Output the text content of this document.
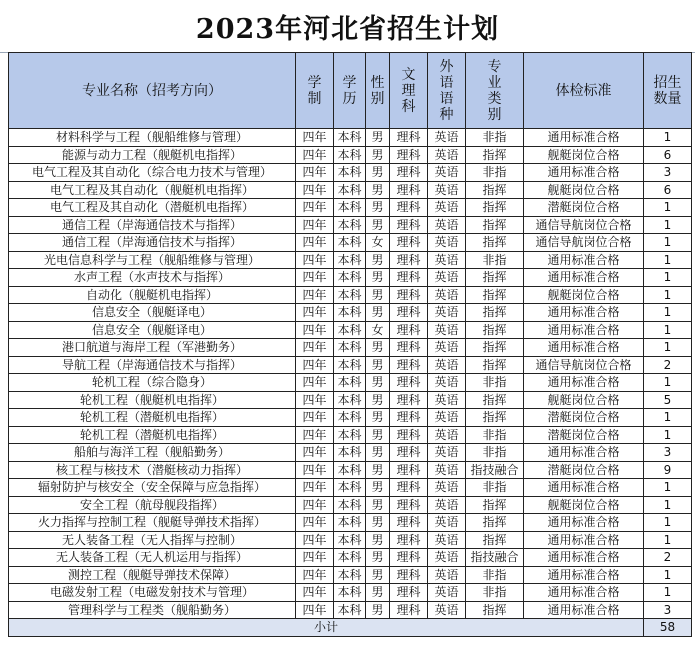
2023年河北省招生计划
专业名称（招考方向）	学制	学历	性别	文理科	外语语种	专业类别	体检标准	招生数量
材料科学与工程（舰船维修与管理）	四年	本科	男	理科	英语	非指	通用标准合格	1
能源与动力工程（舰艇机电指挥）	四年	本科	男	理科	英语	指挥	舰艇岗位合格	6
电气工程及其自动化（综合电力技术与管理）	四年	本科	男	理科	英语	非指	通用标准合格	3
电气工程及其自动化（舰艇机电指挥）	四年	本科	男	理科	英语	指挥	舰艇岗位合格	6
电气工程及其自动化（潜艇机电指挥）	四年	本科	男	理科	英语	指挥	潜艇岗位合格	1
通信工程（岸海通信技术与指挥）	四年	本科	男	理科	英语	指挥	通信导航岗位合格	1
通信工程（岸海通信技术与指挥）	四年	本科	女	理科	英语	指挥	通信导航岗位合格	1
光电信息科学与工程（舰船维修与管理）	四年	本科	男	理科	英语	非指	通用标准合格	1
水声工程（水声技术与指挥）	四年	本科	男	理科	英语	指挥	通用标准合格	1
自动化（舰艇机电指挥）	四年	本科	男	理科	英语	指挥	舰艇岗位合格	1
信息安全（舰艇译电）	四年	本科	男	理科	英语	指挥	通用标准合格	1
信息安全（舰艇译电）	四年	本科	女	理科	英语	指挥	通用标准合格	1
港口航道与海岸工程（军港勤务）	四年	本科	男	理科	英语	指挥	通用标准合格	1
导航工程（岸海通信技术与指挥）	四年	本科	男	理科	英语	指挥	通信导航岗位合格	2
轮机工程（综合隐身）	四年	本科	男	理科	英语	非指	通用标准合格	1
轮机工程（舰艇机电指挥）	四年	本科	男	理科	英语	指挥	舰艇岗位合格	5
轮机工程（潜艇机电指挥）	四年	本科	男	理科	英语	指挥	潜艇岗位合格	1
轮机工程（潜艇机电指挥）	四年	本科	男	理科	英语	非指	潜艇岗位合格	1
船舶与海洋工程（舰船勤务）	四年	本科	男	理科	英语	非指	通用标准合格	3
核工程与核技术（潜艇核动力指挥）	四年	本科	男	理科	英语	指技融合	潜艇岗位合格	9
辐射防护与核安全（安全保障与应急指挥）	四年	本科	男	理科	英语	非指	通用标准合格	1
安全工程（航母舰段指挥）	四年	本科	男	理科	英语	指挥	舰艇岗位合格	1
火力指挥与控制工程（舰艇导弹技术指挥）	四年	本科	男	理科	英语	指挥	通用标准合格	1
无人装备工程（无人指挥与控制）	四年	本科	男	理科	英语	指挥	通用标准合格	1
无人装备工程（无人机运用与指挥）	四年	本科	男	理科	英语	指技融合	通用标准合格	2
测控工程（舰艇导弹技术保障）	四年	本科	男	理科	英语	非指	通用标准合格	1
电磁发射工程（电磁发射技术与管理）	四年	本科	男	理科	英语	非指	通用标准合格	1
管理科学与工程类（舰船勤务）	四年	本科	男	理科	英语	指挥	通用标准合格	3
小计								58
